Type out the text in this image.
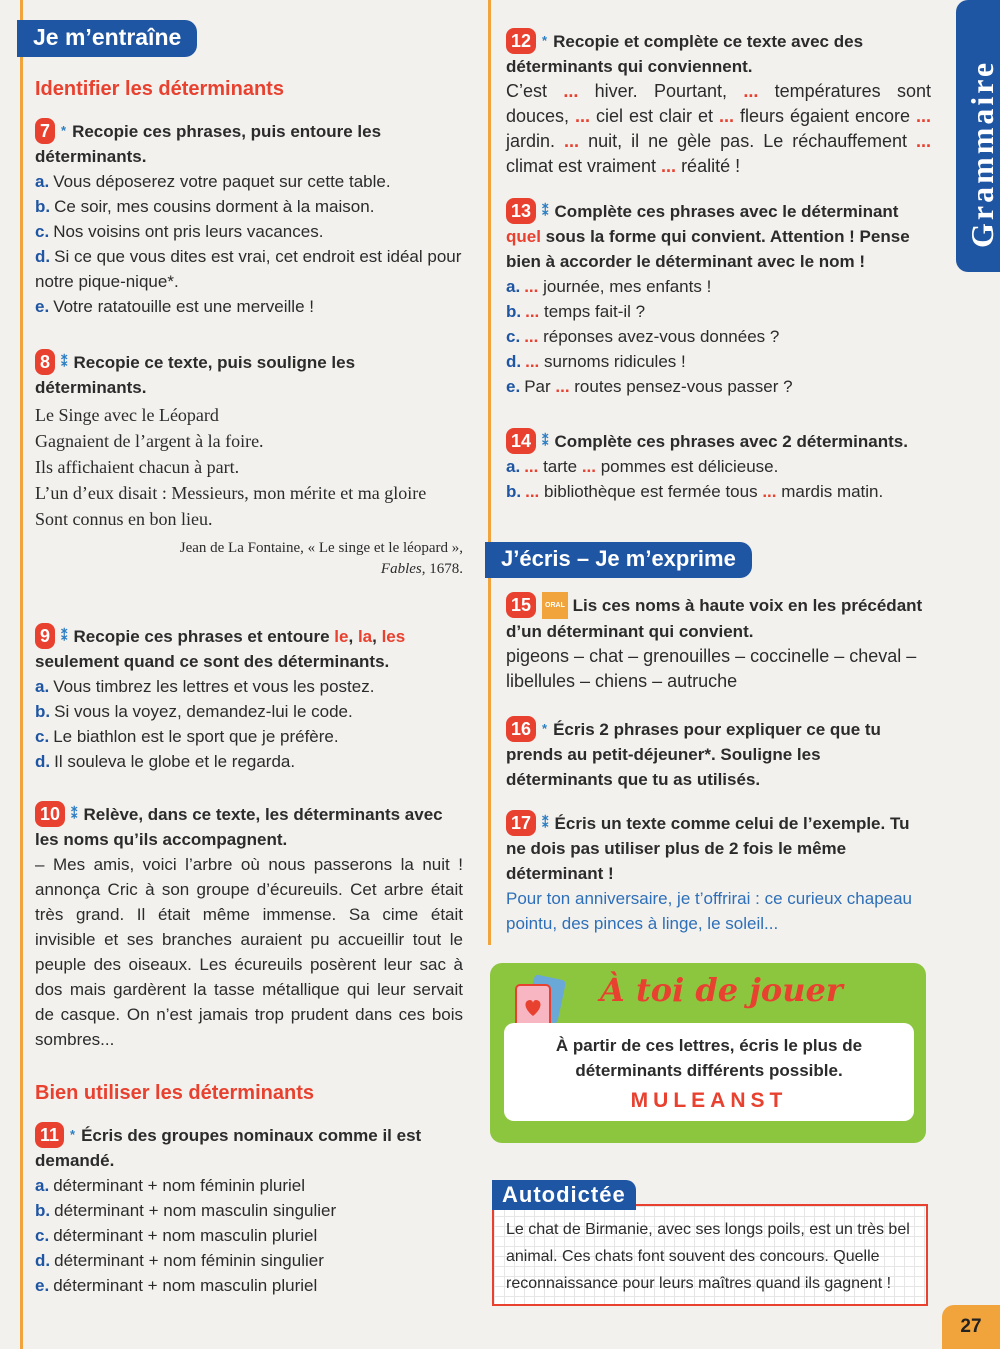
Grammaire
27
Je m’entraîne
Identifier les déterminants
7 * Recopie ces phrases, puis entoure les déterminants.
a. Vous déposerez votre paquet sur cette table.
b. Ce soir, mes cousins dorment à la maison.
c. Nos voisins ont pris leurs vacances.
d. Si ce que vous dites est vrai, cet endroit est idéal pour notre pique-nique*.
e. Votre ratatouille est une merveille !
8 ⁑ Recopie ce texte, puis souligne les déterminants.
Le Singe avec le Léopard
Gagnaient de l’argent à la foire.
Ils affichaient chacun à part.
L’un d’eux disait : Messieurs, mon mérite et ma gloire
Sont connus en bon lieu.
Jean de La Fontaine, « Le singe et le léopard »,
Fables, 1678.
9 ⁑ Recopie ces phrases et entoure le, la, les seulement quand ce sont des déterminants.
a. Vous timbrez les lettres et vous les postez.
b. Si vous la voyez, demandez-lui le code.
c. Le biathlon est le sport que je préfère.
d. Il souleva le globe et le regarda.
10 ⁑ Relève, dans ce texte, les déterminants avec les noms qu’ils accompagnent.
– Mes amis, voici l’arbre où nous passerons la nuit ! annonça Cric à son groupe d’écureuils. Cet arbre était très grand. Il était même immense. Sa cime était invisible et ses branches auraient pu accueillir tout le peuple des oiseaux. Les écureuils posèrent leur sac à dos mais gardèrent la tasse métallique qui leur servait de casque. On n’est jamais trop prudent dans ces bois sombres...
Bien utiliser les déterminants
11 * Écris des groupes nominaux comme il est demandé.
a. déterminant + nom féminin pluriel
b. déterminant + nom masculin singulier
c. déterminant + nom masculin pluriel
d. déterminant + nom féminin singulier
e. déterminant + nom masculin pluriel
12 * Recopie et complète ce texte avec des déterminants qui conviennent.
C’est ... hiver. Pourtant, ... températures sont douces, ... ciel est clair et ... fleurs égaient encore ... jardin. ... nuit, il ne gèle pas. Le réchauffement ... climat est vraiment ... réalité !
13 ⁑ Complète ces phrases avec le déterminant quel sous la forme qui convient. Attention ! Pense bien à accorder le déterminant avec le nom !
a. ... journée, mes enfants !
b. ... temps fait-il ?
c. ... réponses avez-vous données ?
d. ... surnoms ridicules !
e. Par ... routes pensez-vous passer ?
14 ⁑ Complète ces phrases avec 2 déterminants.
a. ... tarte ... pommes est délicieuse.
b. ... bibliothèque est fermée tous ... mardis matin.
J’écris – Je m’exprime
15 ORAL Lis ces noms à haute voix en les précédant d’un déterminant qui convient.
pigeons – chat – grenouilles – coccinelle – cheval – libellules – chiens – autruche
16 * Écris 2 phrases pour expliquer ce que tu prends au petit-déjeuner*. Souligne les déterminants que tu as utilisés.
17 ⁑ Écris un texte comme celui de l’exemple. Tu ne dois pas utiliser plus de 2 fois le même déterminant !
Pour ton anniversaire, je t’offrirai : ce curieux chapeau pointu, des pinces à linge, le soleil...
À toi de jouer
À partir de ces lettres, écris le plus de déterminants différents possible.
MULEANST
Autodictée
Le chat de Birmanie, avec ses longs poils, est un très bel animal. Ces chats font souvent des concours. Quelle reconnaissance pour leurs maîtres quand ils gagnent !
